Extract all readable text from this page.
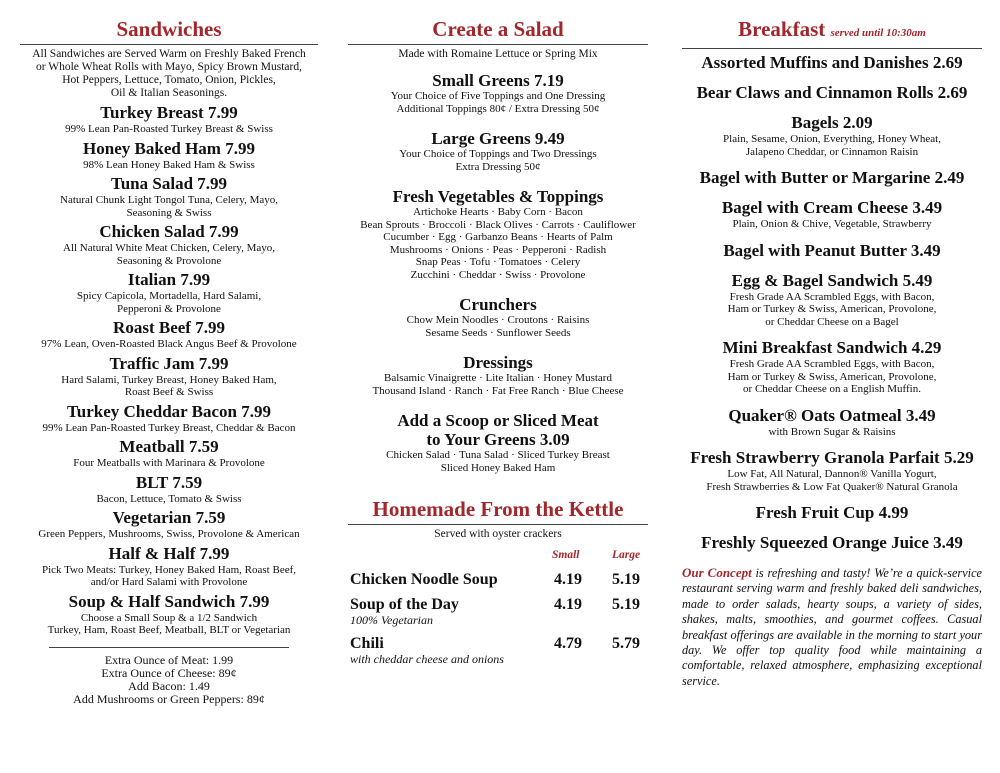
Sandwiches
All Sandwiches are Served Warm on Freshly Baked French
or Whole Wheat Rolls with Mayo, Spicy Brown Mustard,
Hot Peppers, Lettuce, Tomato, Onion, Pickles,
Oil & Italian Seasonings.
Turkey Breast 7.99
99% Lean Pan-Roasted Turkey Breast & Swiss
Honey Baked Ham 7.99
98% Lean Honey Baked Ham & Swiss
Tuna Salad 7.99
Natural Chunk Light Tongol Tuna, Celery, Mayo,
Seasoning & Swiss
Chicken Salad 7.99
All Natural White Meat Chicken, Celery, Mayo,
Seasoning & Provolone
Italian 7.99
Spicy Capicola, Mortadella, Hard Salami,
Pepperoni & Provolone
Roast Beef 7.99
97% Lean, Oven-Roasted Black Angus Beef & Provolone
Traffic Jam 7.99
Hard Salami, Turkey Breast, Honey Baked Ham,
Roast Beef & Swiss
Turkey Cheddar Bacon 7.99
99% Lean Pan-Roasted Turkey Breast, Cheddar & Bacon
Meatball 7.59
Four Meatballs with Marinara & Provolone
BLT 7.59
Bacon, Lettuce, Tomato & Swiss
Vegetarian 7.59
Green Peppers, Mushrooms, Swiss, Provolone & American
Half & Half 7.99
Pick Two Meats: Turkey, Honey Baked Ham, Roast Beef,
and/or Hard Salami with Provolone
Soup & Half Sandwich 7.99
Choose a Small Soup & a 1/2 Sandwich
Turkey, Ham, Roast Beef, Meatball, BLT or Vegetarian
Extra Ounce of Meat: 1.99
Extra Ounce of Cheese: 89¢
Add Bacon: 1.49
Add Mushrooms or Green Peppers: 89¢
Create a Salad
Made with Romaine Lettuce or Spring Mix
Small Greens 7.19
Your Choice of Five Toppings and One Dressing
Additional Toppings 80¢ / Extra Dressing 50¢
Large Greens 9.49
Your Choice of Toppings and Two Dressings
Extra Dressing 50¢
Fresh Vegetables & Toppings
Artichoke Hearts · Baby Corn · Bacon
Bean Sprouts · Broccoli · Black Olives · Carrots · Cauliflower
Cucumber · Egg · Garbanzo Beans · Hearts of Palm
Mushrooms · Onions · Peas · Pepperoni · Radish
Snap Peas · Tofu · Tomatoes · Celery
Zucchini · Cheddar · Swiss · Provolone
Crunchers
Chow Mein Noodles · Croutons · Raisins
Sesame Seeds · Sunflower Seeds
Dressings
Balsamic Vinaigrette · Lite Italian · Honey Mustard
Thousand Island · Ranch · Fat Free Ranch · Blue Cheese
Add a Scoop or Sliced Meat
to Your Greens 3.09
Chicken Salad · Tuna Salad · Sliced Turkey Breast
Sliced Honey Baked Ham
Homemade From the Kettle
Served with oyster crackers
Small	Large
Chicken Noodle Soup	4.19 5.19
Soup of the Day
100% Vegetarian
4.19 5.19
Chili
with cheddar cheese and onions
4.79 5.79
Breakfast served until 10:30am
Assorted Muffins and Danishes 2.69
Bear Claws and Cinnamon Rolls 2.69
Bagels 2.09
Plain, Sesame, Onion, Everything, Honey Wheat,
Jalapeno Cheddar, or Cinnamon Raisin
Bagel with Butter or Margarine 2.49
Bagel with Cream Cheese 3.49
Plain, Onion & Chive, Vegetable, Strawberry
Bagel with Peanut Butter 3.49
Egg & Bagel Sandwich 5.49
Fresh Grade AA Scrambled Eggs, with Bacon,
Ham or Turkey & Swiss, American, Provolone,
or Cheddar Cheese on a Bagel
Mini Breakfast Sandwich 4.29
Fresh Grade AA Scrambled Eggs, with Bacon,
Ham or Turkey & Swiss, American, Provolone,
or Cheddar Cheese on a English Muffin.
Quaker® Oats Oatmeal 3.49
with Brown Sugar & Raisins
Fresh Strawberry Granola Parfait 5.29
Low Fat, All Natural, Dannon® Vanilla Yogurt,
Fresh Strawberries & Low Fat Quaker® Natural Granola
Fresh Fruit Cup 4.99
Freshly Squeezed Orange Juice 3.49
Our Concept is refreshing and tasty! We’re a quick-service restaurant serving warm and freshly baked deli sandwiches, made to order salads, hearty soups, a variety of sides, shakes, malts, smoothies, and gourmet coffees. Casual breakfast offerings are available in the morning to start your day. We offer top quality food while maintaining a comfortable, relaxed atmosphere, emphasizing exceptional service.
